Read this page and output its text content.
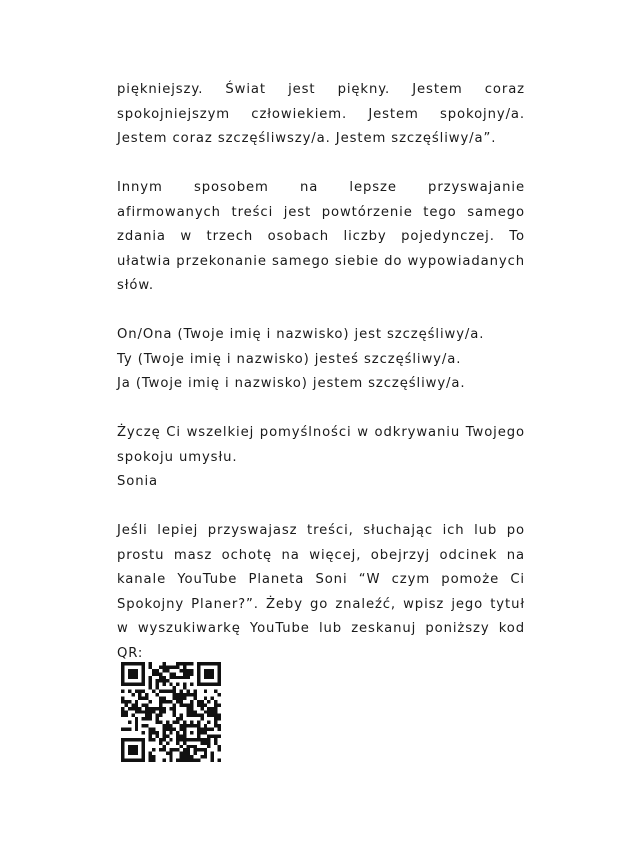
piękniejszy. Świat jest piękny. Jestem coraz spokojniejszym człowiekiem. Jestem spokojny/a. Jestem coraz szczęśliwszy/a. Jestem szczęśliwy/a”.

Innym sposobem na lepsze przyswajanie afirmowanych treści jest powtórzenie tego samego zdania w trzech osobach liczby pojedynczej. To ułatwia przekonanie samego siebie do wypowiadanych słów.

On/Ona (Twoje imię i nazwisko) jest szczęśliwy/a.
Ty (Twoje imię i nazwisko) jesteś szczęśliwy/a.
Ja (Twoje imię i nazwisko) jestem szczęśliwy/a.

Życzę Ci wszelkiej pomyślności w odkrywaniu Twojego spokoju umysłu.

Sonia

Jeśli lepiej przyswajasz treści, słuchając ich lub po prostu masz ochotę na więcej, obejrzyj odcinek na kanale YouTube Planeta Soni “W czym pomoże Ci Spokojny Planer?”. Żeby go znaleźć, wpisz jego tytuł w wyszukiwarkę YouTube lub zeskanuj poniższy kod QR:
